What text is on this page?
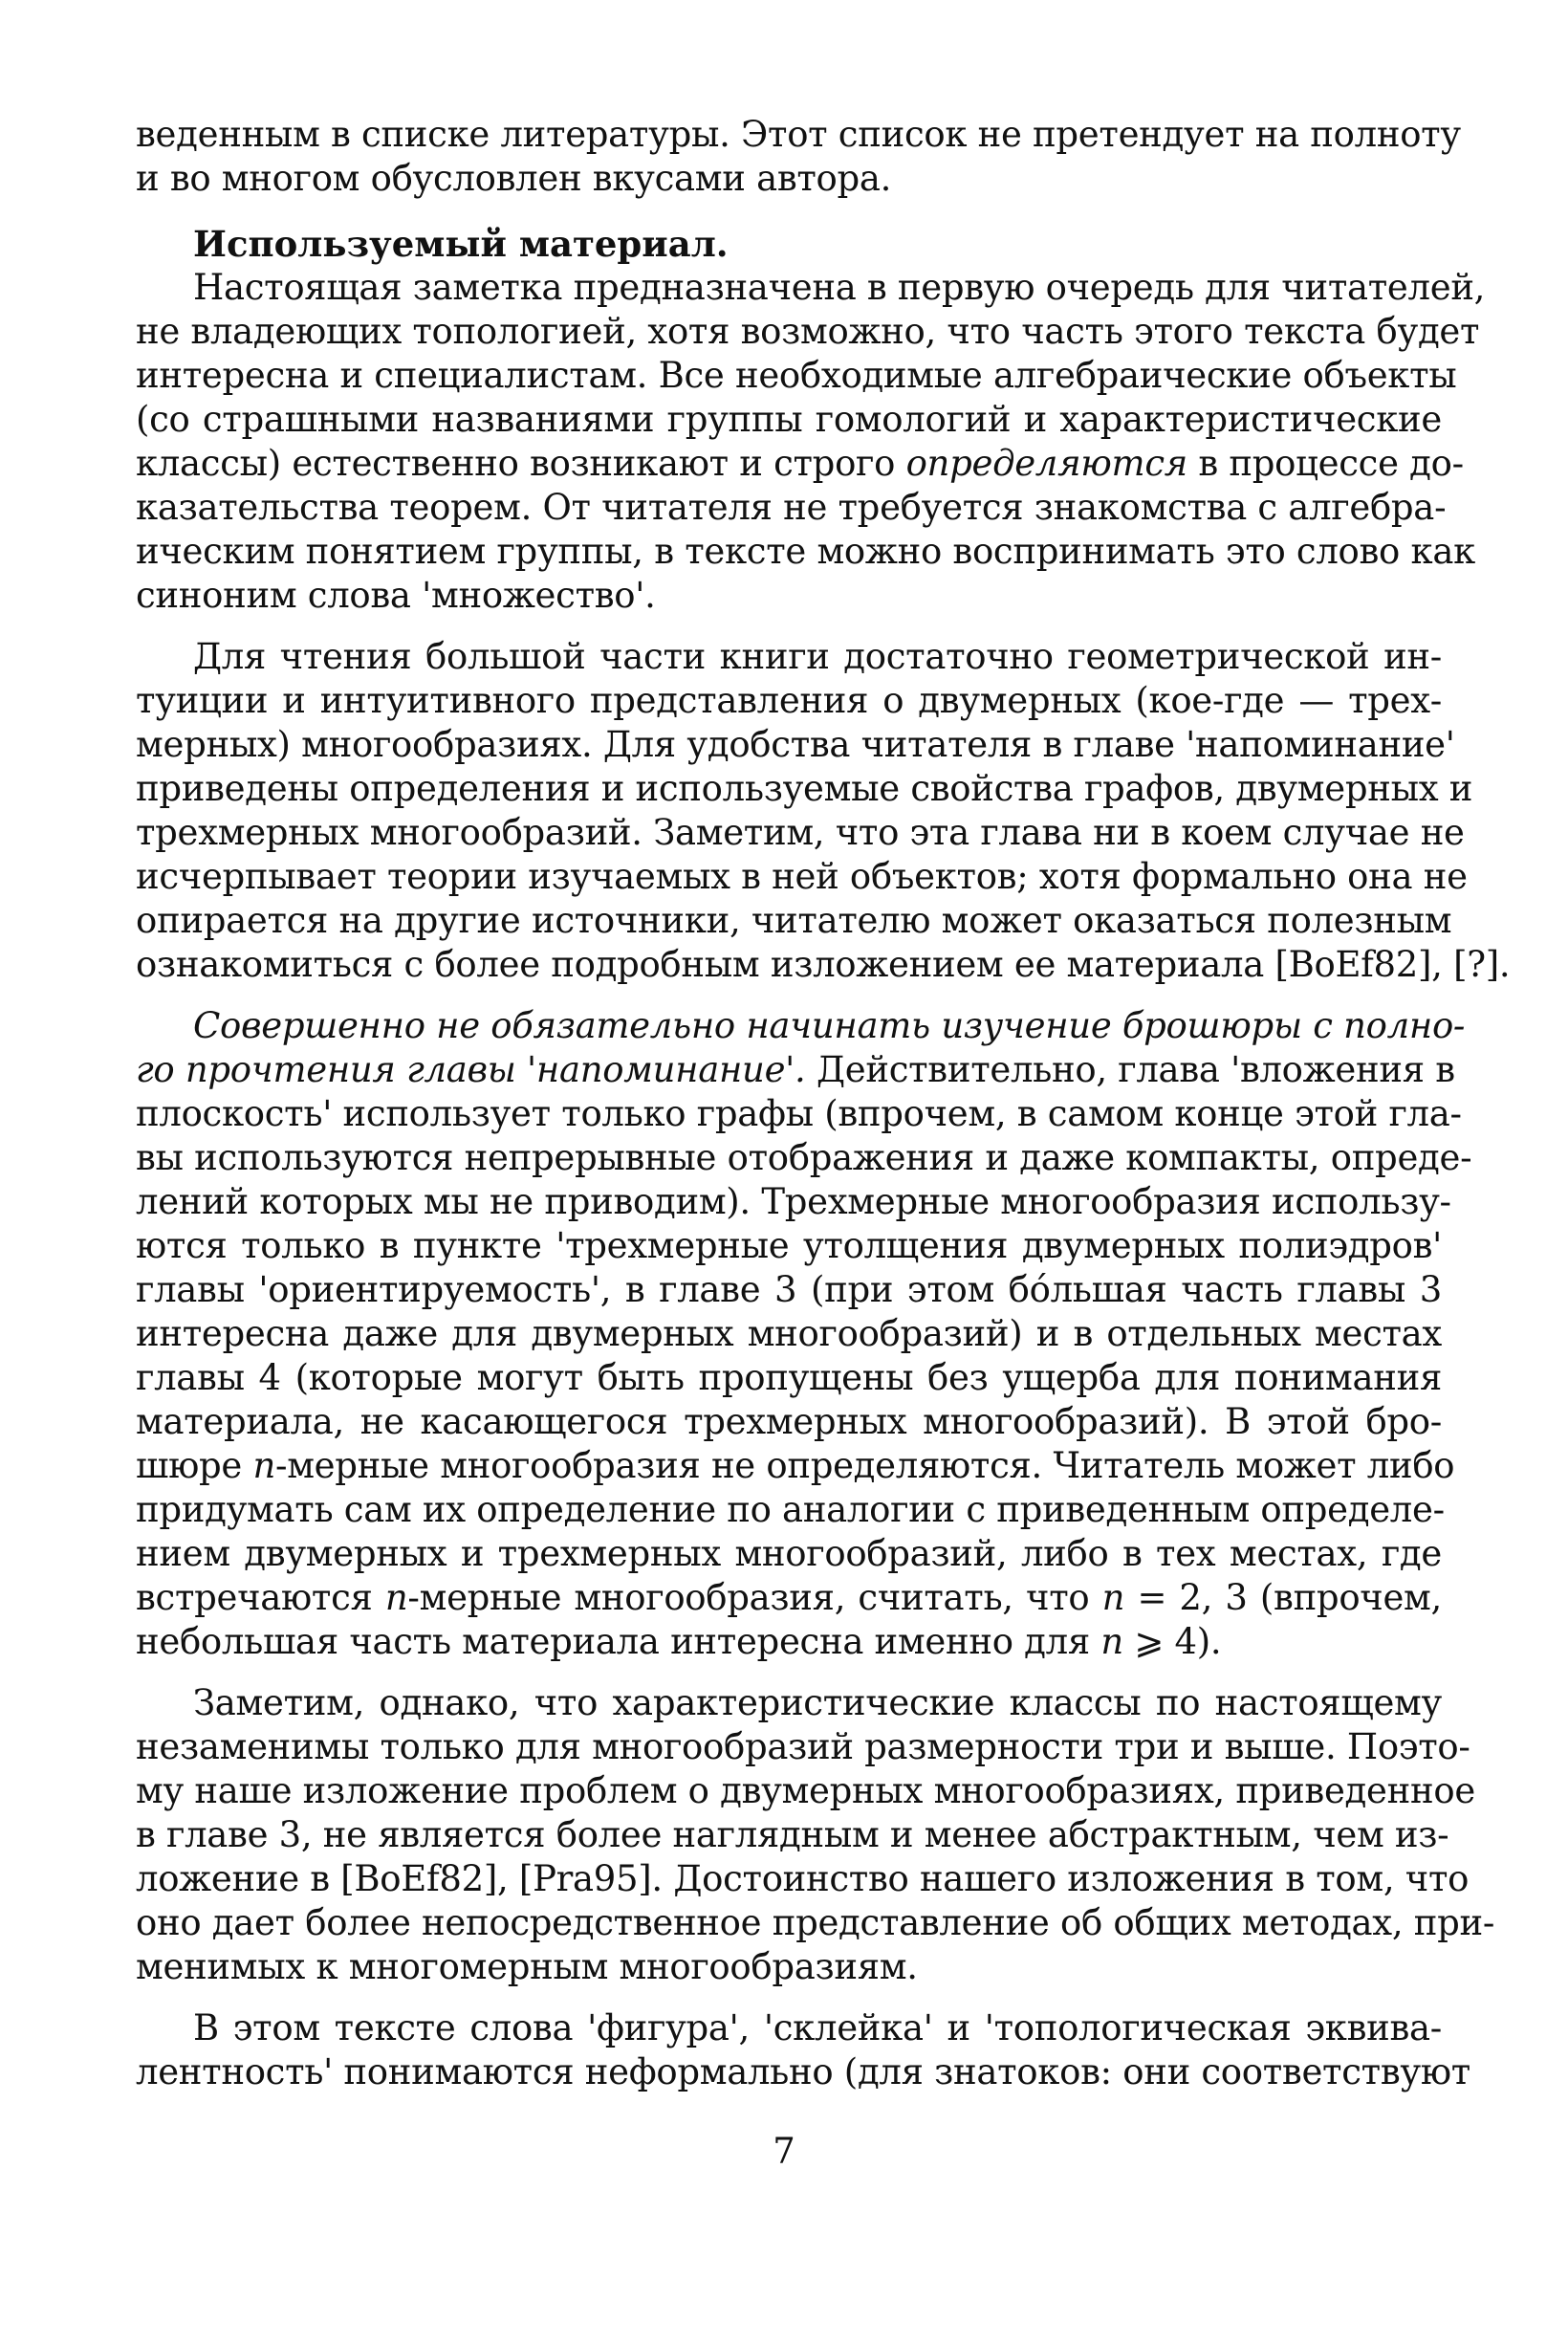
веденным в списке литературы. Этот список не претендует на полноту
и во многом обусловлен вкусами автора.
Используемый материал.
Настоящая заметка предназначена в первую очередь для читателей,
не владеющих топологией, хотя возможно, что часть этого текста будет
интересна и специалистам. Все необходимые алгебраические объекты
(со страшными названиями группы гомологий и характеристические
классы) естественно возникают и строго определяются в процессе до-
казательства теорем. От читателя не требуется знакомства с алгебра-
ическим понятием группы, в тексте можно воспринимать это слово как
синоним слова 'множество'.
Для чтения большой части книги достаточно геометрической ин-
туиции и интуитивного представления о двумерных (кое-где — трех-
мерных) многообразиях. Для удобства читателя в главе 'напоминание'
приведены определения и используемые свойства графов, двумерных и
трехмерных многообразий. Заметим, что эта глава ни в коем случае не
исчерпывает теории изучаемых в ней объектов; хотя формально она не
опирается на другие источники, читателю может оказаться полезным
ознакомиться с более подробным изложением ее материала [BoEf82], [?].
Совершенно не обязательно начинать изучение брошюры с полно-
го прочтения главы 'напоминание'. Действительно, глава 'вложения в
плоскость' использует только графы (впрочем, в самом конце этой гла-
вы используются непрерывные отображения и даже компакты, опреде-
лений которых мы не приводим). Трехмерные многообразия использу-
ются только в пункте 'трехмерные утолщения двумерных полиэдров'
главы 'ориентируемость', в главе 3 (при этом бóльшая часть главы 3
интересна даже для двумерных многообразий) и в отдельных местах
главы 4 (которые могут быть пропущены без ущерба для понимания
материала, не касающегося трехмерных многообразий). В этой бро-
шюре n-мерные многообразия не определяются. Читатель может либо
придумать сам их определение по аналогии с приведенным определе-
нием двумерных и трехмерных многообразий, либо в тех местах, где
встречаются n-мерные многообразия, считать, что n = 2, 3 (впрочем,
небольшая часть материала интересна именно для n ⩾ 4).
Заметим, однако, что характеристические классы по настоящему
незаменимы только для многообразий размерности три и выше. Поэто-
му наше изложение проблем о двумерных многообразиях, приведенное
в главе 3, не является более наглядным и менее абстрактным, чем из-
ложение в [BoEf82], [Pra95]. Достоинство нашего изложения в том, что
оно дает более непосредственное представление об общих методах, при-
менимых к многомерным многообразиям.
В этом тексте слова 'фигура', 'склейка' и 'топологическая эквива-
лентность' понимаются неформально (для знатоков: они соответствуют
7
